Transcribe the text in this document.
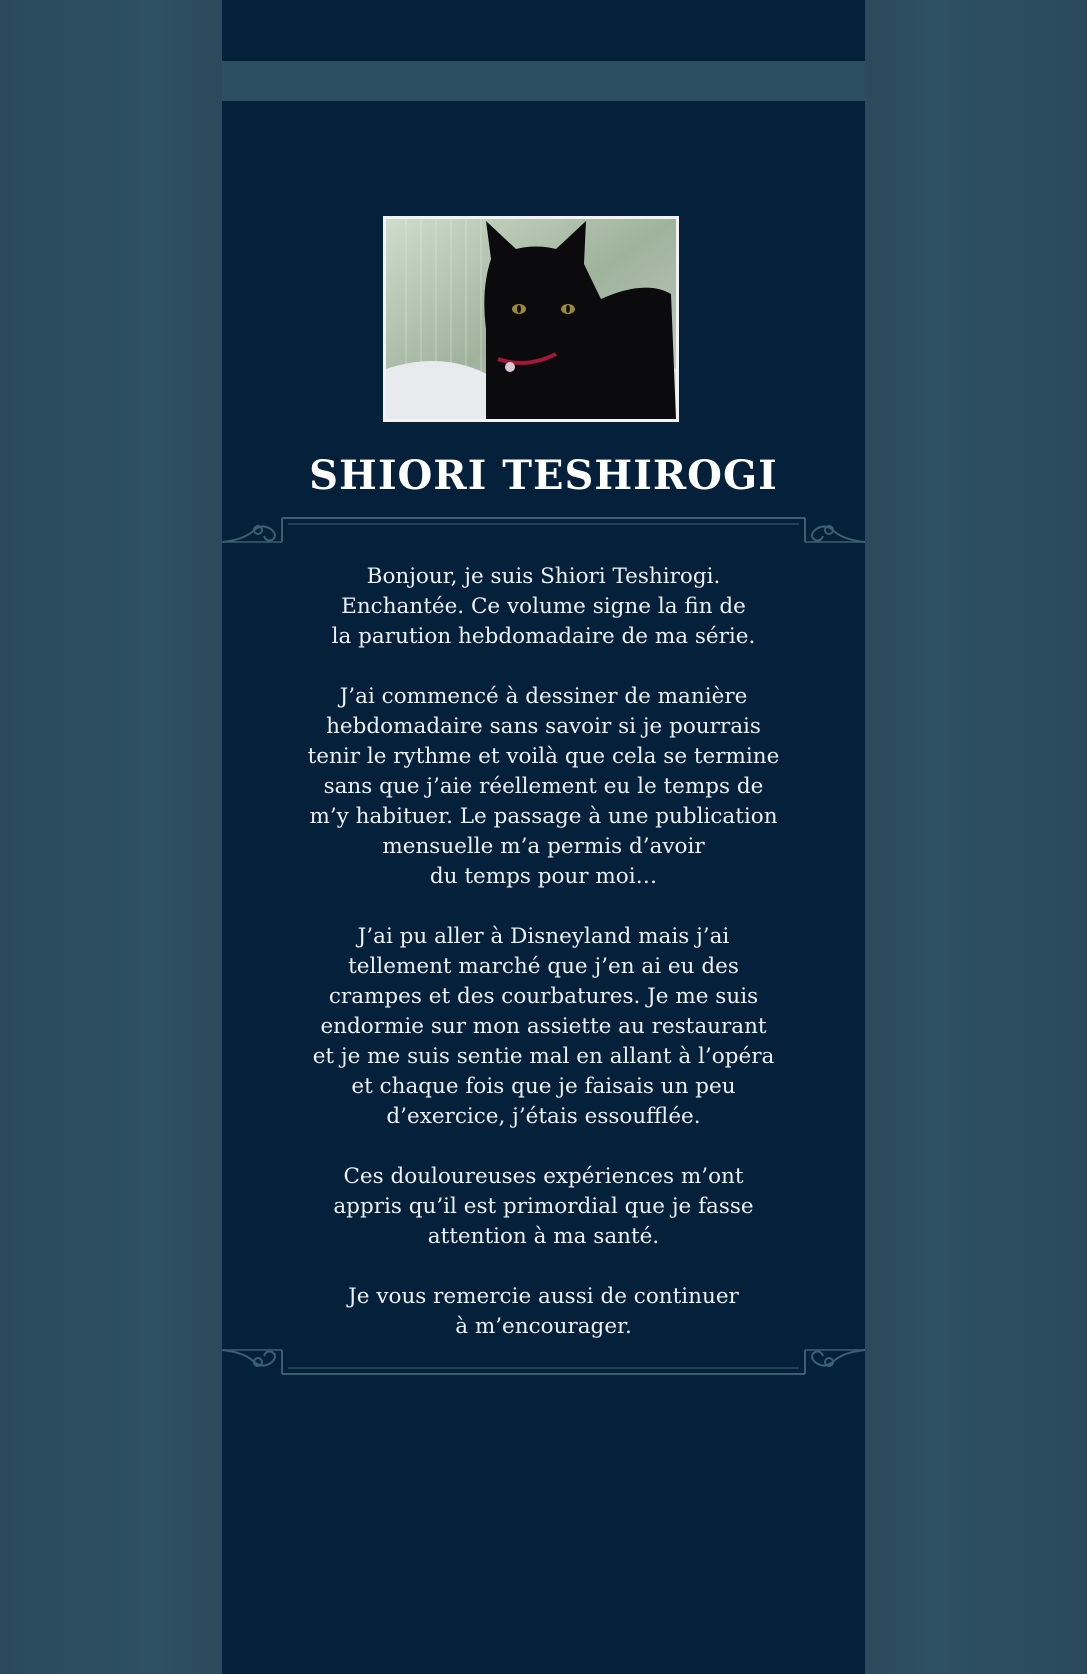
SHIORI TESHIROGI

Bonjour, je suis Shiori Teshirogi.
Enchantée. Ce volume signe la fin de
la parution hebdomadaire de ma série.

J’ai commencé à dessiner de manière
hebdomadaire sans savoir si je pourrais
tenir le rythme et voilà que cela se termine
sans que j’aie réellement eu le temps de
m’y habituer. Le passage à une publication
mensuelle m’a permis d’avoir
du temps pour moi…

J’ai pu aller à Disneyland mais j’ai
tellement marché que j’en ai eu des
crampes et des courbatures. Je me suis
endormie sur mon assiette au restaurant
et je me suis sentie mal en allant à l’opéra
et chaque fois que je faisais un peu
d’exercice, j’étais essoufflée.

Ces douloureuses expériences m’ont
appris qu’il est primordial que je fasse
attention à ma santé.

Je vous remercie aussi de continuer
à m’encourager.
